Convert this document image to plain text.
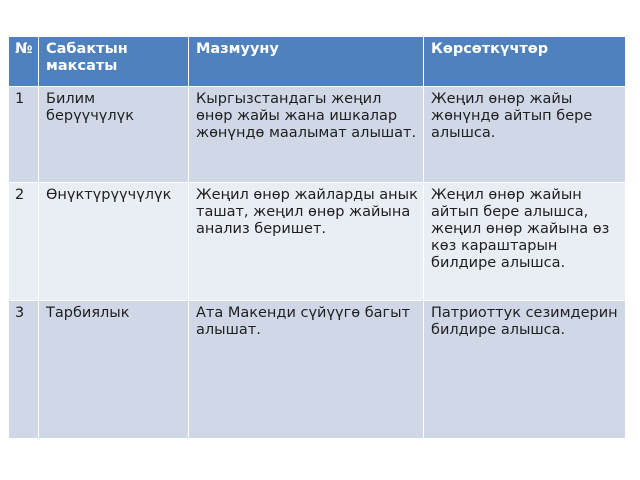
№	Сабактын максаты	Мазмууну	Көрсөткүчтөр
1	Билим берүүчүлүк	Кыргызстандагы жеңил өнөр жайы жана ишкалар жөнүндө маалымат алышат.	Жеңил өнөр жайы жөнүндө айтып бере алышса.
2	Өнүктүрүүчүлүк	Жеңил өнөр жайларды анык ташат, жеңил өнөр жайына анализ беришет.	Жеңил өнөр жайын айтып бере алышса, жеңил өнөр жайына өз көз караштарын билдире алышса.
3	Тарбиялык	Ата Макенди сүйүүгө багыт алышат.	Патриоттук сезимдерин билдире алышса.
